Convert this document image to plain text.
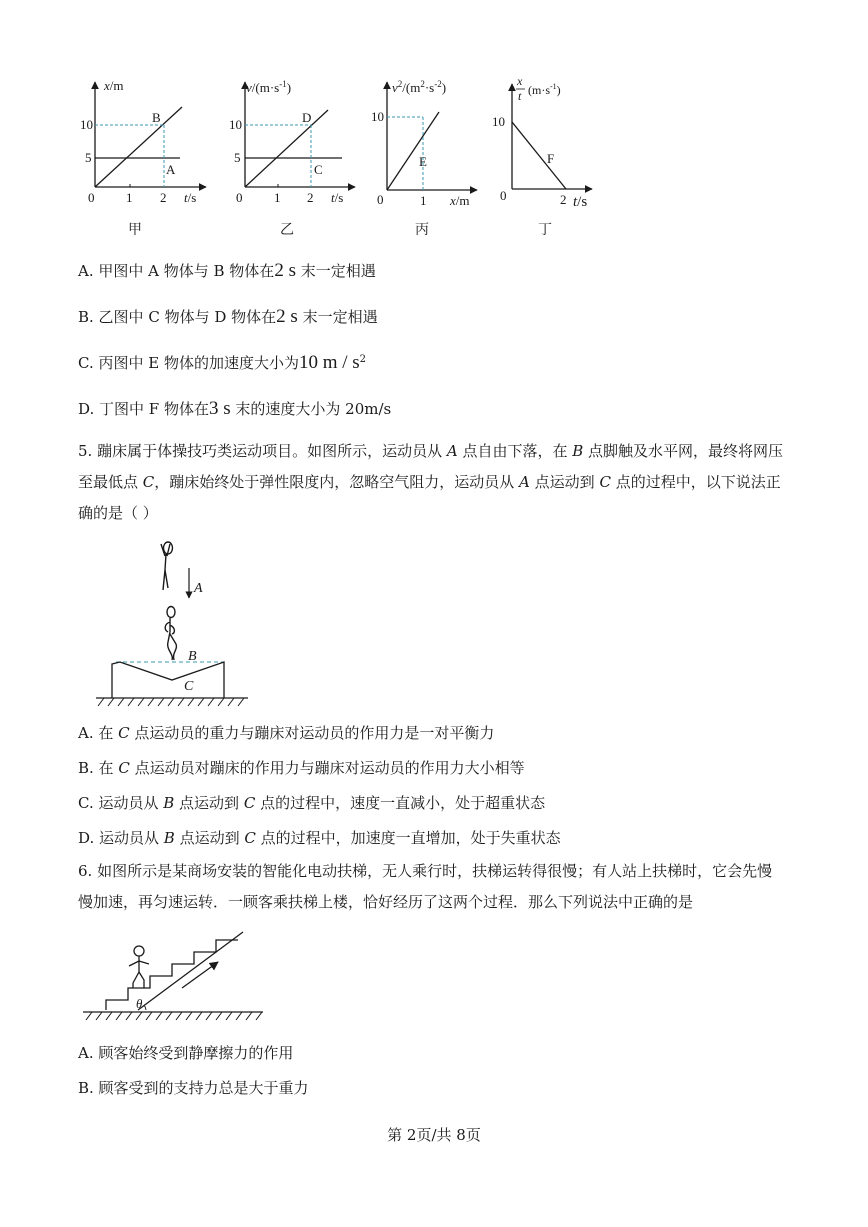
x/m
10
5
0 1 2 t/s
B
A
甲
$v/(m\cdot s^{-1})$
10
5
0 1 2 t/s
D
C
乙
$v^2/(m^2\cdot s^{-2})$
10
0	1 x/m
E
丙
x
t $(m\cdot s^{-1})$
10
0	2 t/s
F
丁
A. 甲图中 A 物体与 B 物体在2 s 末一定相遇
B. 乙图中 C 物体与 D 物体在2 s 末一定相遇
C. 丙图中 E 物体的加速度大小为10 m / $s^2$
D. 丁图中 F 物体在3 s 末的速度大小为 20m/s
5. 蹦床属于体操技巧类运动项目。如图所示，运动员从 A 点自由下落，在 B 点脚触及水平网，最终将网压
至最低点 C，蹦床始终处于弹性限度内，忽略空气阻力，运动员从 A 点运动到 C 点的过程中，以下说法正
确的是（ ）
A
B
C
A. 在 C 点运动员的重力与蹦床对运动员的作用力是一对平衡力
B. 在 C 点运动员对蹦床的作用力与蹦床对运动员的作用力大小相等
C. 运动员从 B 点运动到 C 点的过程中，速度一直减小，处于超重状态
D. 运动员从 B 点运动到 C 点的过程中，加速度一直增加，处于失重状态
6. 如图所示是某商场安装的智能化电动扶梯，无人乘行时，扶梯运转得很慢；有人站上扶梯时，它会先慢
慢加速，再匀速运转．一顾客乘扶梯上楼，恰好经历了这两个过程．那么下列说法中正确的是
θ
A. 顾客始终受到静摩擦力的作用
B. 顾客受到的支持力总是大于重力
第 2页/共 8页
